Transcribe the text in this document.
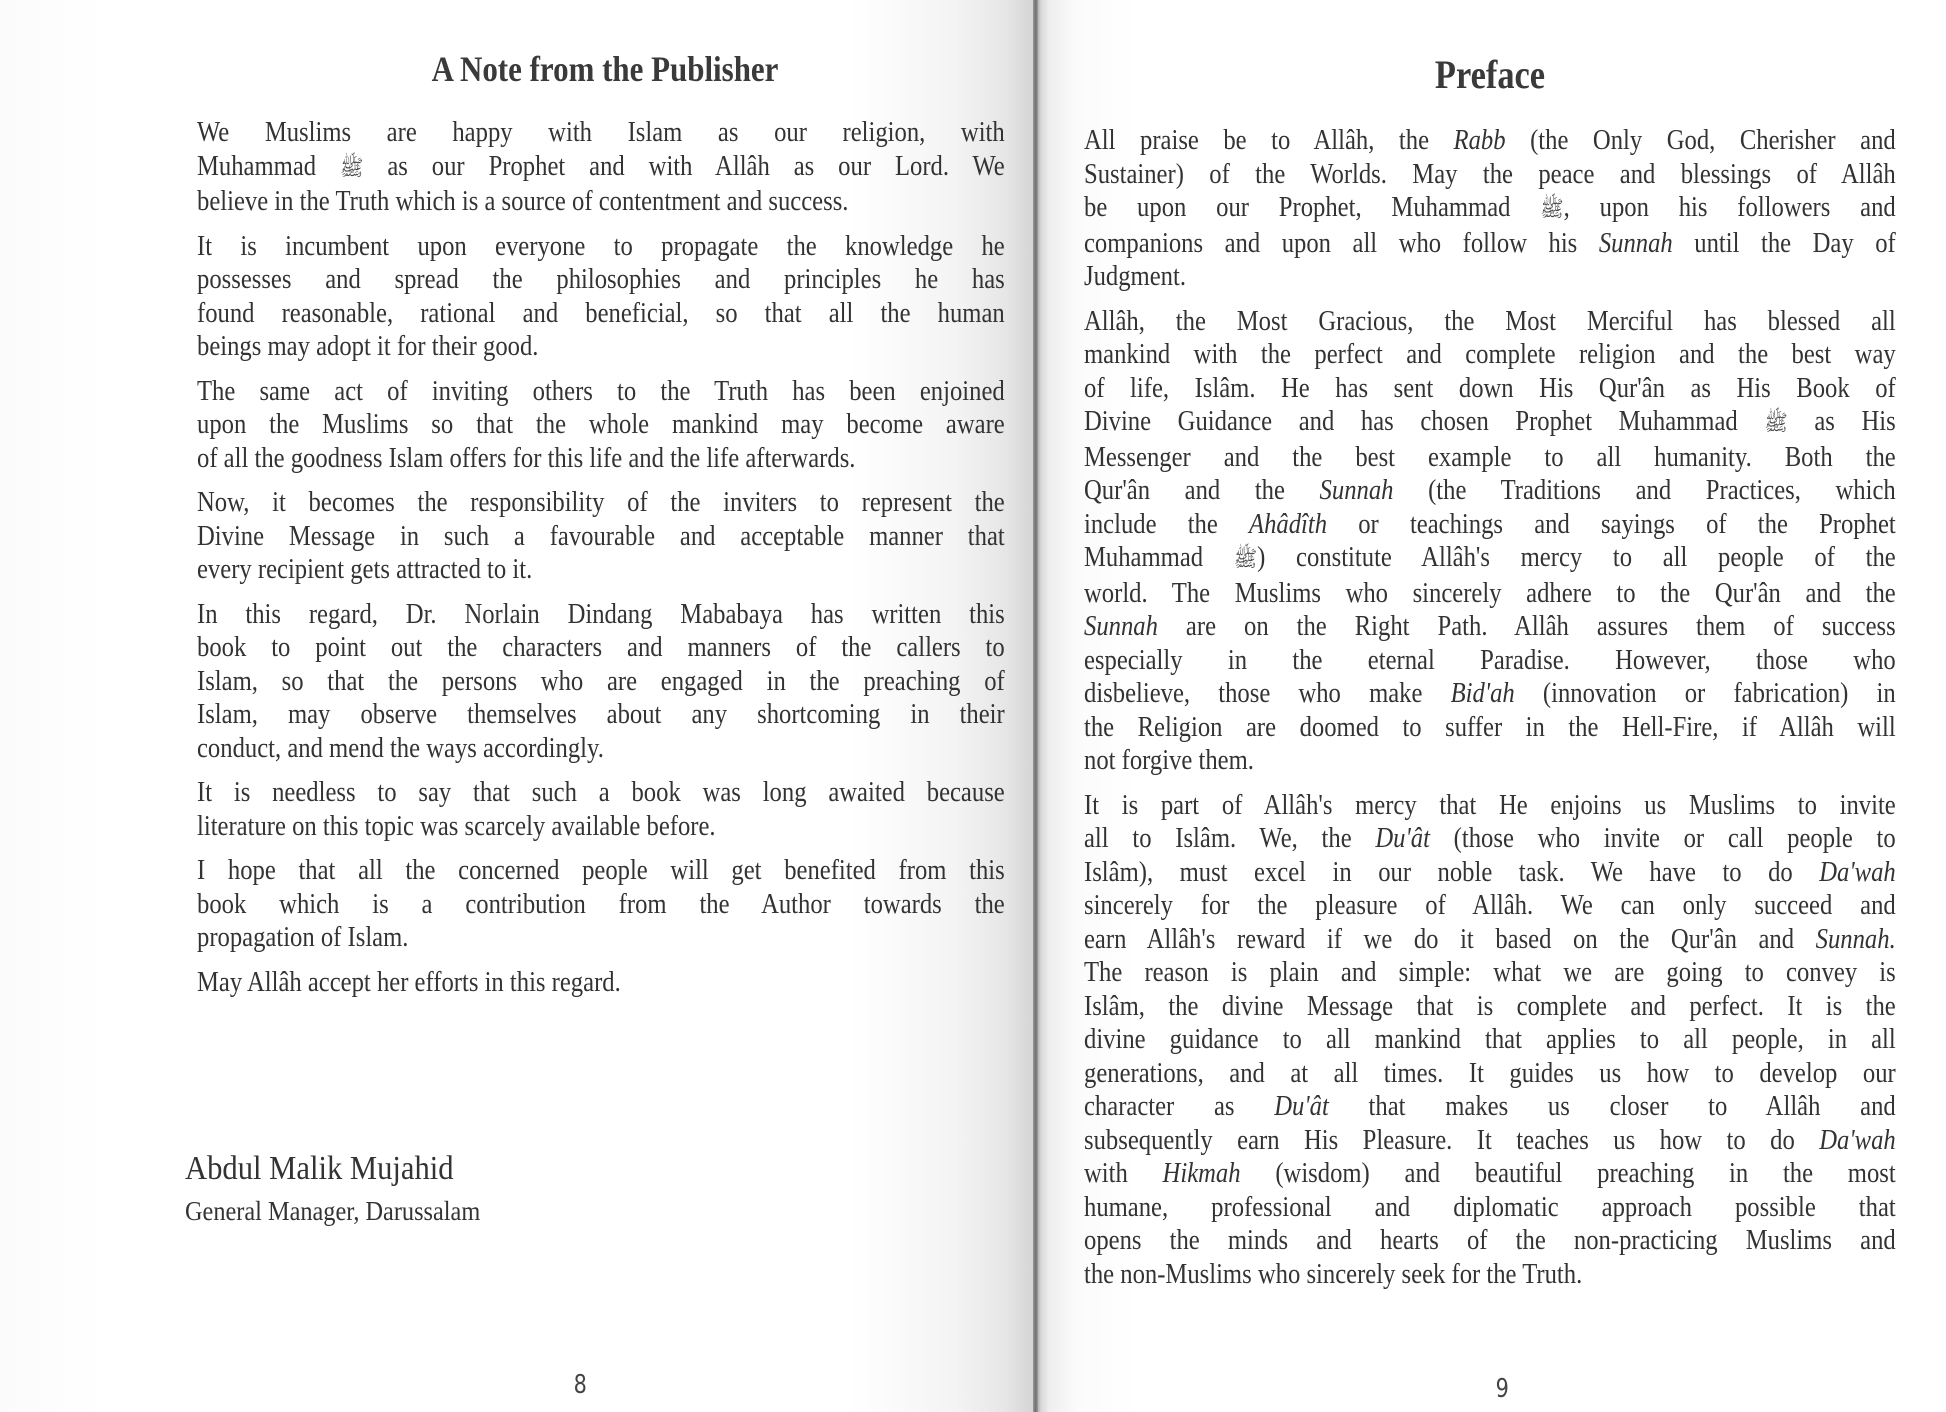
A Note from the Publisher
We Muslims are happy with Islam as our religion, with
Muhammad ﷺ as our Prophet and with Allâh as our Lord. We
believe in the Truth which is a source of contentment and success.
It is incumbent upon everyone to propagate the knowledge he
possesses and spread the philosophies and principles he has
found reasonable, rational and beneficial, so that all the human
beings may adopt it for their good.
The same act of inviting others to the Truth has been enjoined
upon the Muslims so that the whole mankind may become aware
of all the goodness Islam offers for this life and the life afterwards.
Now, it becomes the responsibility of the inviters to represent the
Divine Message in such a favourable and acceptable manner that
every recipient gets attracted to it.
In this regard, Dr. Norlain Dindang Mababaya has written this
book to point out the characters and manners of the callers to
Islam, so that the persons who are engaged in the preaching of
Islam, may observe themselves about any shortcoming in their
conduct, and mend the ways accordingly.
It is needless to say that such a book was long awaited because
literature on this topic was scarcely available before.
I hope that all the concerned people will get benefited from this
book which is a contribution from the Author towards the
propagation of Islam.
May Allâh accept her efforts in this regard.
Abdul Malik Mujahid
General Manager, Darussalam
8
Preface
All praise be to Allâh, the Rabb (the Only God, Cherisher and
Sustainer) of the Worlds. May the peace and blessings of Allâh
be upon our Prophet, Muhammad ﷺ, upon his followers and
companions and upon all who follow his Sunnah until the Day of
Judgment.
Allâh, the Most Gracious, the Most Merciful has blessed all
mankind with the perfect and complete religion and the best way
of life, Islâm. He has sent down His Qur'ân as His Book of
Divine Guidance and has chosen Prophet Muhammad ﷺ as His
Messenger and the best example to all humanity. Both the
Qur'ân and the Sunnah (the Traditions and Practices, which
include the Ahâdîth or teachings and sayings of the Prophet
Muhammad ﷺ) constitute Allâh's mercy to all people of the
world. The Muslims who sincerely adhere to the Qur'ân and the
Sunnah are on the Right Path. Allâh assures them of success
especially in the eternal Paradise. However, those who
disbelieve, those who make Bid'ah (innovation or fabrication) in
the Religion are doomed to suffer in the Hell-Fire, if Allâh will
not forgive them.
It is part of Allâh's mercy that He enjoins us Muslims to invite
all to Islâm. We, the Du'ât (those who invite or call people to
Islâm), must excel in our noble task. We have to do Da'wah
sincerely for the pleasure of Allâh. We can only succeed and
earn Allâh's reward if we do it based on the Qur'ân and Sunnah.
The reason is plain and simple: what we are going to convey is
Islâm, the divine Message that is complete and perfect. It is the
divine guidance to all mankind that applies to all people, in all
generations, and at all times. It guides us how to develop our
character as Du'ât that makes us closer to Allâh and
subsequently earn His Pleasure. It teaches us how to do Da'wah
with Hikmah (wisdom) and beautiful preaching in the most
humane, professional and diplomatic approach possible that
opens the minds and hearts of the non-practicing Muslims and
the non-Muslims who sincerely seek for the Truth.
9
